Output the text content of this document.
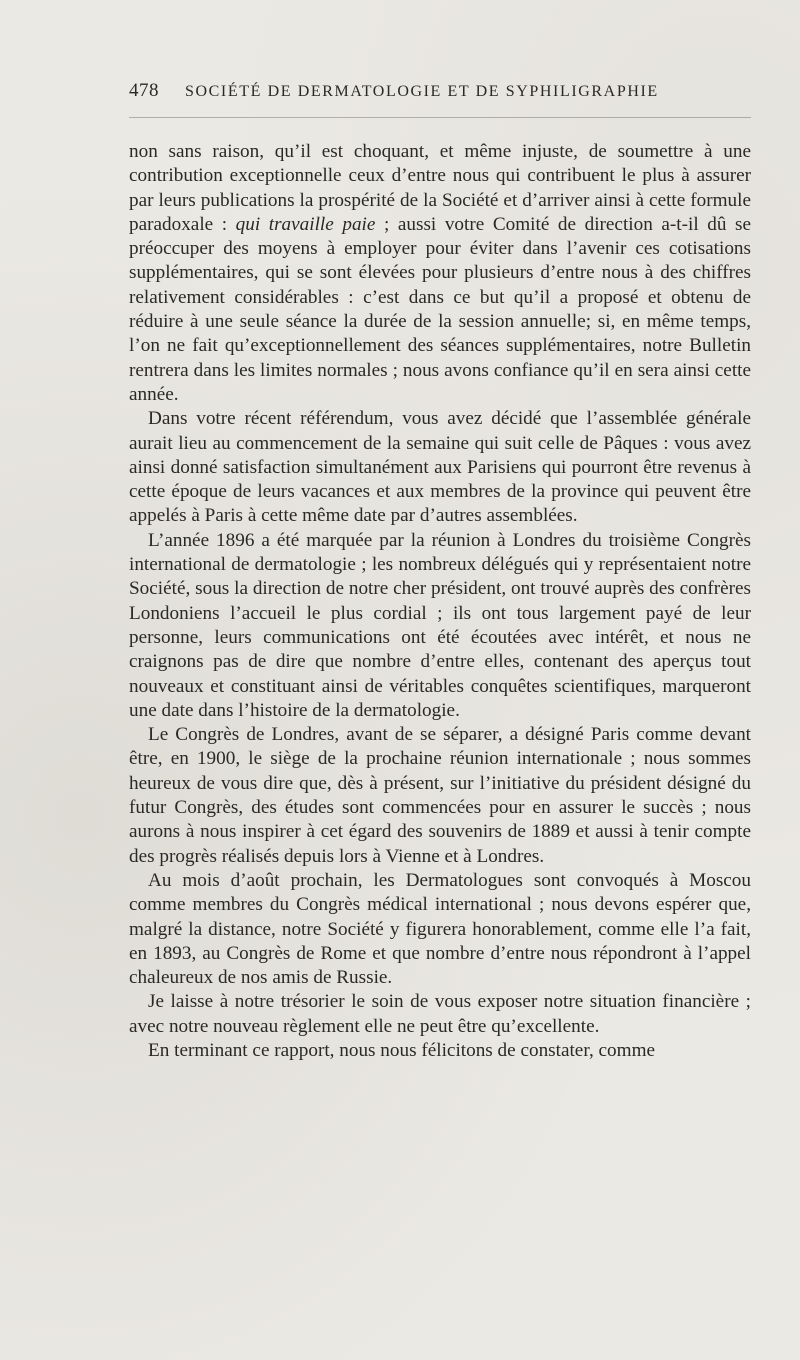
478 SOCIÉTÉ DE DERMATOLOGIE ET DE SYPHILIGRAPHIE

non sans raison, qu’il est choquant, et même injuste, de soumettre à une contribution exceptionnelle ceux d’entre nous qui contribuent le plus à assurer par leurs publications la prospérité de la Société et d’arriver ainsi à cette formule paradoxale : qui travaille paie ; aussi votre Comité de direction a-t-il dû se préoccuper des moyens à employer pour éviter dans l’avenir ces cotisations supplémentaires, qui se sont élevées pour plusieurs d’entre nous à des chiffres relativement considérables : c’est dans ce but qu’il a proposé et obtenu de réduire à une seule séance la durée de la session annuelle; si, en même temps, l’on ne fait qu’exceptionnellement des séances supplémentaires, notre Bulletin rentrera dans les limites normales ; nous avons confiance qu’il en sera ainsi cette année.

Dans votre récent référendum, vous avez décidé que l’assemblée générale aurait lieu au commencement de la semaine qui suit celle de Pâques : vous avez ainsi donné satisfaction simultanément aux Parisiens qui pourront être revenus à cette époque de leurs vacances et aux membres de la province qui peuvent être appelés à Paris à cette même date par d’autres assemblées.

L’année 1896 a été marquée par la réunion à Londres du troisième Congrès international de dermatologie ; les nombreux délégués qui y représentaient notre Société, sous la direction de notre cher président, ont trouvé auprès des confrères Londoniens l’accueil le plus cordial ; ils ont tous largement payé de leur personne, leurs communications ont été écoutées avec intérêt, et nous ne craignons pas de dire que nombre d’entre elles, contenant des aperçus tout nouveaux et constituant ainsi de véritables conquêtes scientifiques, marqueront une date dans l’histoire de la dermatologie.

Le Congrès de Londres, avant de se séparer, a désigné Paris comme devant être, en 1900, le siège de la prochaine réunion internationale ; nous sommes heureux de vous dire que, dès à présent, sur l’initiative du président désigné du futur Congrès, des études sont commencées pour en assurer le succès ; nous aurons à nous inspirer à cet égard des souvenirs de 1889 et aussi à tenir compte des progrès réalisés depuis lors à Vienne et à Londres.

Au mois d’août prochain, les Dermatologues sont convoqués à Moscou comme membres du Congrès médical international ; nous devons espérer que, malgré la distance, notre Société y figurera honorablement, comme elle l’a fait, en 1893, au Congrès de Rome et que nombre d’entre nous répondront à l’appel chaleureux de nos amis de Russie.

Je laisse à notre trésorier le soin de vous exposer notre situation financière ; avec notre nouveau règlement elle ne peut être qu’excellente.

En terminant ce rapport, nous nous félicitons de constater, comme
